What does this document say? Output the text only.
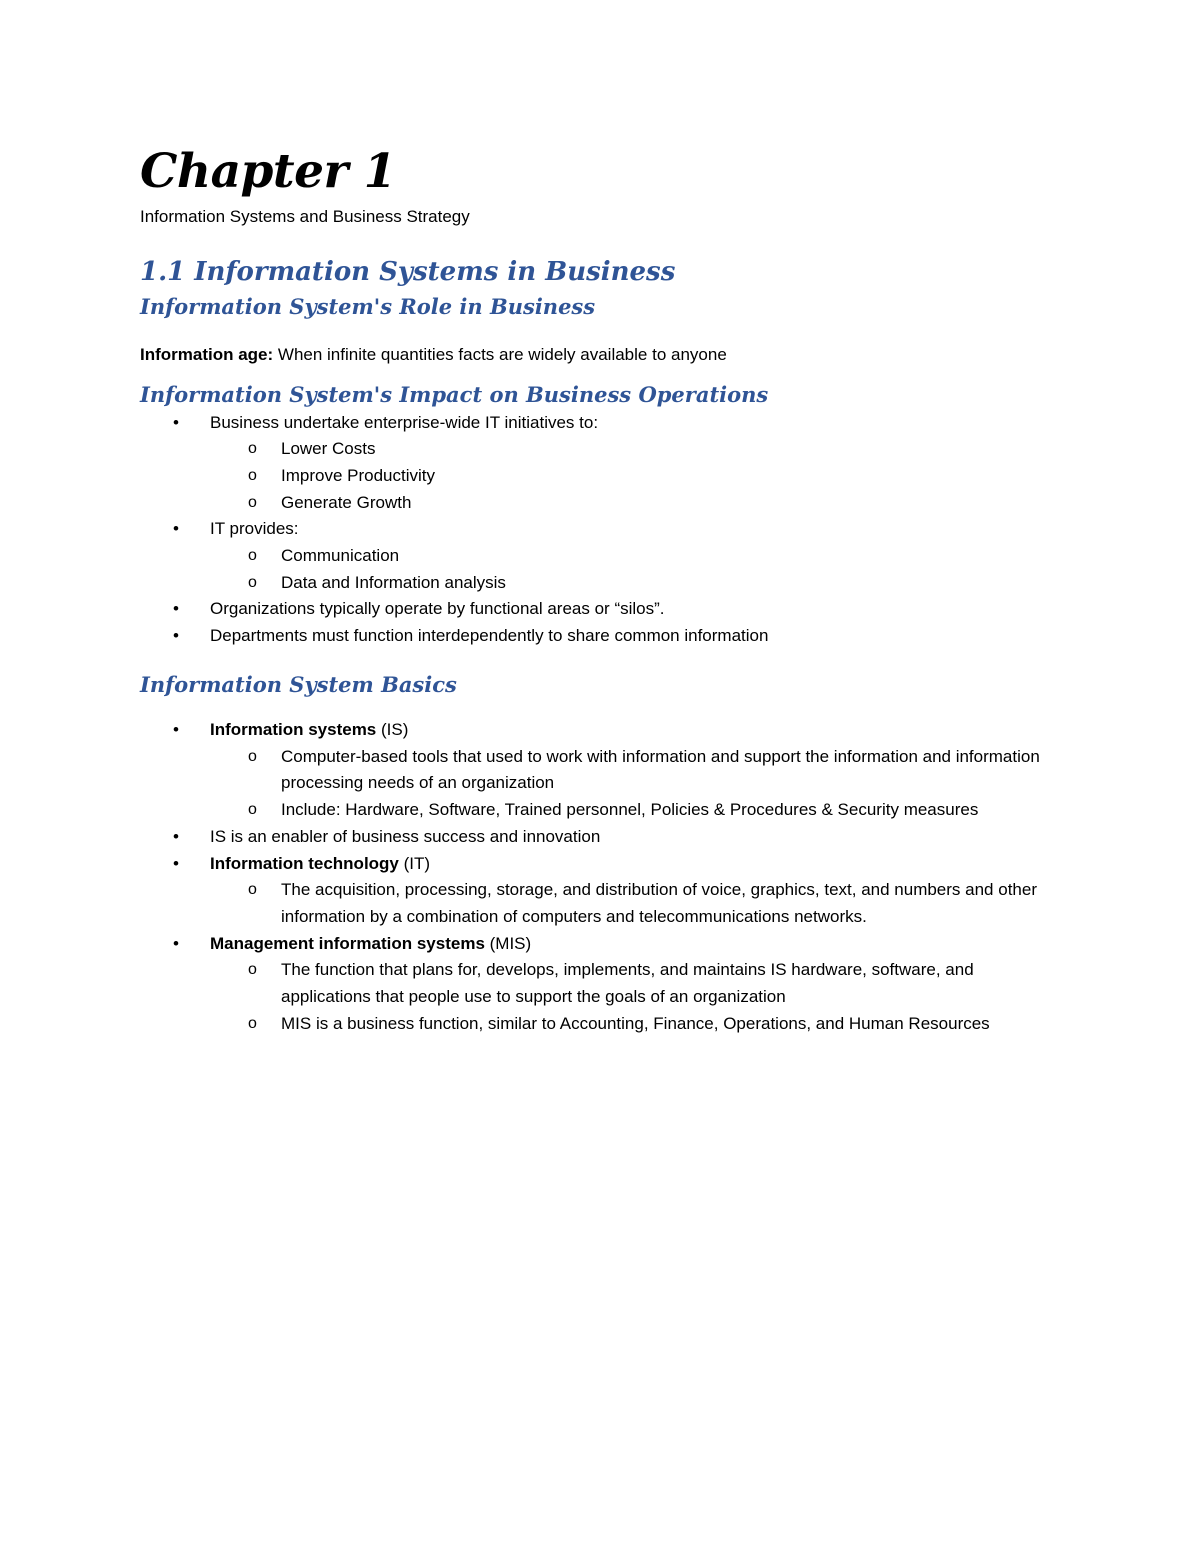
Chapter 1
Information Systems and Business Strategy
1.1 Information Systems in Business
Information System's Role in Business

Information age: When infinite quantities facts are widely available to anyone

Information System's Impact on Business Operations
• Business undertake enterprise-wide IT initiatives to:
o Lower Costs
o Improve Productivity
o Generate Growth
• IT provides:
o Communication
o Data and Information analysis
• Organizations typically operate by functional areas or “silos”.
• Departments must function interdependently to share common information
Information System Basics
• Information systems (IS)
o Computer-based tools that used to work with information and support the information and information processing needs of an organization
o Include: Hardware, Software, Trained personnel, Policies & Procedures & Security measures
• IS is an enabler of business success and innovation
• Information technology (IT)
o The acquisition, processing, storage, and distribution of voice, graphics, text, and numbers and other information by a combination of computers and telecommunications networks.
• Management information systems (MIS)
o The function that plans for, develops, implements, and maintains IS hardware, software, and applications that people use to support the goals of an organization
o MIS is a business function, similar to Accounting, Finance, Operations, and Human Resources
